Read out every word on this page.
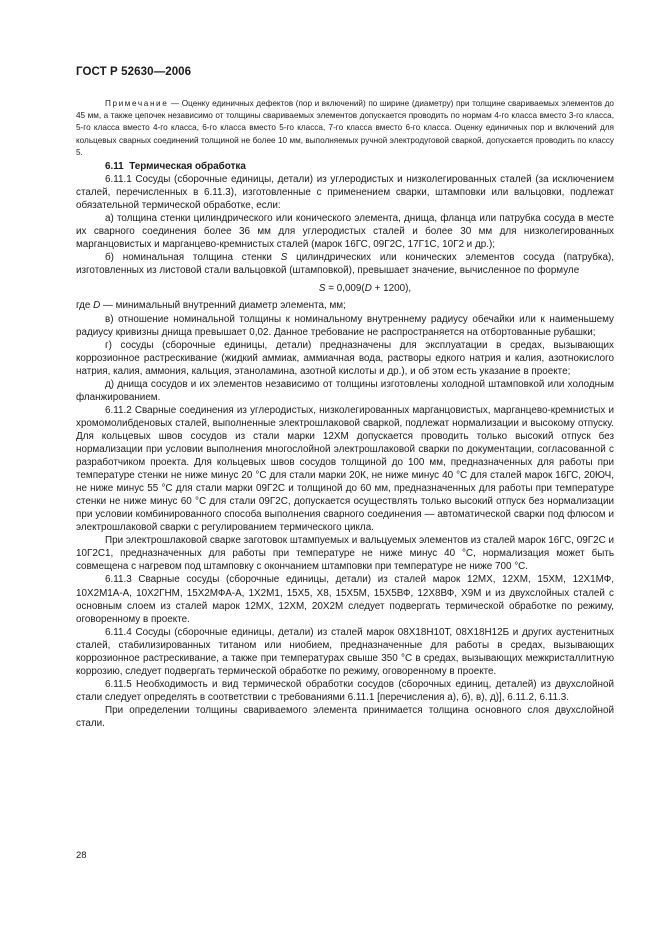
ГОСТ Р 52630—2006

Примечание — Оценку единичных дефектов (пор и включений) по ширине (диаметру) при толщине свариваемых элементов до 45 мм, а также цепочек независимо от толщины свариваемых элементов допускается проводить по нормам 4-го класса вместо 3-го класса, 5-го класса вместо 4-го класса, 6-го класса вместо 5-го класса, 7-го класса вместо 6-го класса. Оценку единичных пор и включений для кольцевых сварных соединений толщиной не более 10 мм, выполняемых ручной электродуговой сваркой, допускается проводить по классу 5.

6.11 Термическая обработка

6.11.1 Сосуды (сборочные единицы, детали) из углеродистых и низколегированных сталей (за исключением сталей, перечисленных в 6.11.3), изготовленные с применением сварки, штамповки или вальцовки, подлежат обязательной термической обработке, если:

а) толщина стенки цилиндрического или конического элемента, днища, фланца или патрубка сосуда в месте их сварного соединения более 36 мм для углеродистых сталей и более 30 мм для низколегированных марганцовистых и марганцево-кремнистых сталей (марок 16ГС, 09Г2С, 17Г1С, 10Г2 и др.);

б) номинальная толщина стенки S цилиндрических или конических элементов сосуда (патрубка), изготовленных из листовой стали вальцовкой (штамповкой), превышает значение, вычисленное по формуле

S = 0,009(D + 1200),

где D — минимальный внутренний диаметр элемента, мм;

в) отношение номинальной толщины к номинальному внутреннему радиусу обечайки или к наименьшему радиусу кривизны днища превышает 0,02. Данное требование не распространяется на отбортованные рубашки;

г) сосуды (сборочные единицы, детали) предназначены для эксплуатации в средах, вызывающих коррозионное растрескивание (жидкий аммиак, аммиачная вода, растворы едкого натрия и калия, азотнокислого натрия, калия, аммония, кальция, этаноламина, азотной кислоты и др.), и об этом есть указание в проекте;

д) днища сосудов и их элементов независимо от толщины изготовлены холодной штамповкой или холодным фланжированием.

6.11.2 Сварные соединения из углеродистых, низколегированных марганцовистых, марганцево-кремнистых и хромомолибденовых сталей, выполненные электрошлаковой сваркой, подлежат нормализации и высокому отпуску. Для кольцевых швов сосудов из стали марки 12ХМ допускается проводить только высокий отпуск без нормализации при условии выполнения многослойной электрошлаковой сварки по документации, согласованной с разработчиком проекта. Для кольцевых швов сосудов толщиной до 100 мм, предназначенных для работы при температуре стенки не ниже минус 20 °С для стали марки 20К, не ниже минус 40 °С для сталей марок 16ГС, 20ЮЧ, не ниже минус 55 °С для стали марки 09Г2С и толщиной до 60 мм, предназначенных для работы при температуре стенки не ниже минус 60 °С для стали 09Г2С, допускается осуществлять только высокий отпуск без нормализации при условии комбинированного способа выполнения сварного соединения — автоматической сварки под флюсом и электрошлаковой сварки с регулированием термического цикла.

При электрошлаковой сварке заготовок штампуемых и вальцуемых элементов из сталей марок 16ГС, 09Г2С и 10Г2С1, предназначенных для работы при температуре не ниже минус 40 °С, нормализация может быть совмещена с нагревом под штамповку с окончанием штамповки при температуре не ниже 700 °С.

6.11.3 Сварные сосуды (сборочные единицы, детали) из сталей марок 12МХ, 12ХМ, 15ХМ, 12Х1МФ, 10Х2М1А-А, 10Х2ГНМ, 15Х2МФА-А, 1Х2М1, 15Х5, Х8, 15Х5М, 15Х5ВФ, 12Х8ВФ, Х9М и из двухслойных сталей с основным слоем из сталей марок 12МХ, 12ХМ, 20Х2М следует подвергать термической обработке по режиму, оговоренному в проекте.

6.11.4 Сосуды (сборочные единицы, детали) из сталей марок 08Х18Н10Т, 08Х18Н12Б и других аустенитных сталей, стабилизированных титаном или ниобием, предназначенные для работы в средах, вызывающих коррозионное растрескивание, а также при температурах свыше 350 °С в средах, вызывающих межкристаллитную коррозию, следует подвергать термической обработке по режиму, оговоренному в проекте.

6.11.5 Необходимость и вид термической обработки сосудов (сборочных единиц, деталей) из двухслойной стали следует определять в соответствии с требованиями 6.11.1 [перечисления а), б), в), д)], 6.11.2, 6.11.3.

При определении толщины свариваемого элемента принимается толщина основного слоя двухслойной стали.

28
